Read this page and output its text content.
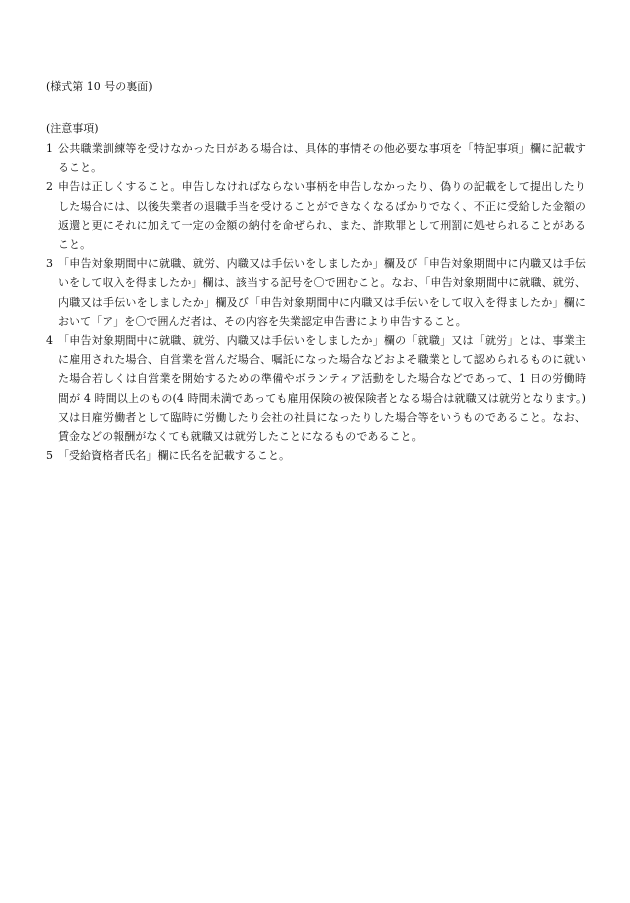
(様式第 10 号の裏面)
(注意事項)
1 公共職業訓練等を受けなかった日がある場合は、具体的事情その他必要な事項を「特記事項」欄に記載すること。
2 申告は正しくすること。申告しなければならない事柄を申告しなかったり、偽りの記載をして提出したりした場合には、以後失業者の退職手当を受けることができなくなるばかりでなく、不正に受給した金額の返還と更にそれに加えて一定の金額の納付を命ぜられ、また、詐欺罪として刑罰に処せられることがあること。
3 「申告対象期間中に就職、就労、内職又は手伝いをしましたか」欄及び「申告対象期間中に内職又は手伝いをして収入を得ましたか」欄は、該当する記号を〇で囲むこと。なお、「申告対象期間中に就職、就労、内職又は手伝いをしましたか」欄及び「申告対象期間中に内職又は手伝いをして収入を得ましたか」欄において「ア」を〇で囲んだ者は、その内容を失業認定申告書により申告すること。
4 「申告対象期間中に就職、就労、内職又は手伝いをしましたか」欄の「就職」又は「就労」とは、事業主に雇用された場合、自営業を営んだ場合、嘱託になった場合などおよそ職業として認められるものに就いた場合若しくは自営業を開始するための準備やボランティア活動をした場合などであって、1 日の労働時間が 4 時間以上のもの(4 時間未満であっても雇用保険の被保険者となる場合は就職又は就労となります。)又は日雇労働者として臨時に労働したり会社の社員になったりした場合等をいうものであること。なお、賃金などの報酬がなくても就職又は就労したことになるものであること。
5 「受給資格者氏名」欄に氏名を記載すること。
